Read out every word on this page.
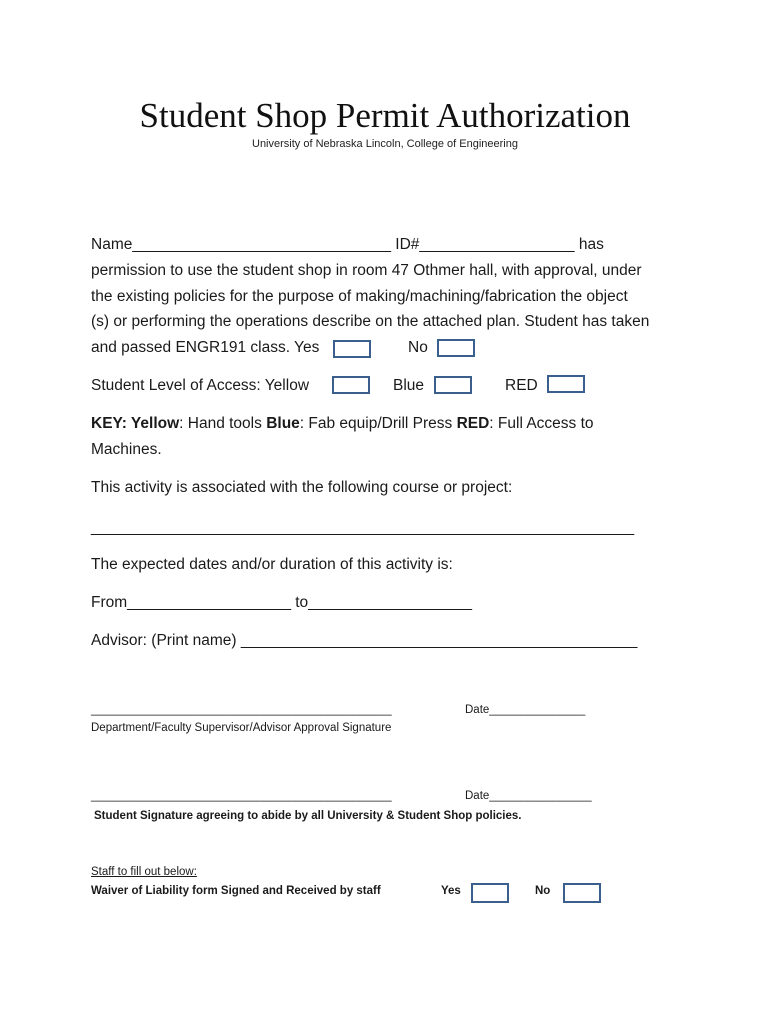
Student Shop Permit Authorization
University of Nebraska Lincoln, College of Engineering
Name______________________________ ID#__________________ has
permission to use the student shop in room 47 Othmer hall, with approval, under
the existing policies for the purpose of making/machining/fabrication the object
(s) or performing the operations describe on the attached plan. Student has taken
and passed ENGR191 class. Yes	No
Student Level of Access: Yellow	Blue	RED
KEY: Yellow: Hand tools Blue: Fab equip/Drill Press RED: Full Access to
Machines.
This activity is associated with the following course or project:
_______________________________________________________________
The expected dates and/or duration of this activity is:
From___________________ to___________________
Advisor: (Print name) ______________________________________________
_______________________________________________	Date_______________
Department/Faculty Supervisor/Advisor Approval Signature
_______________________________________________	Date________________
Student Signature agreeing to abide by all University & Student Shop policies.
Staff to fill out below:
Waiver of Liability form Signed and Received by staff	Yes	No
